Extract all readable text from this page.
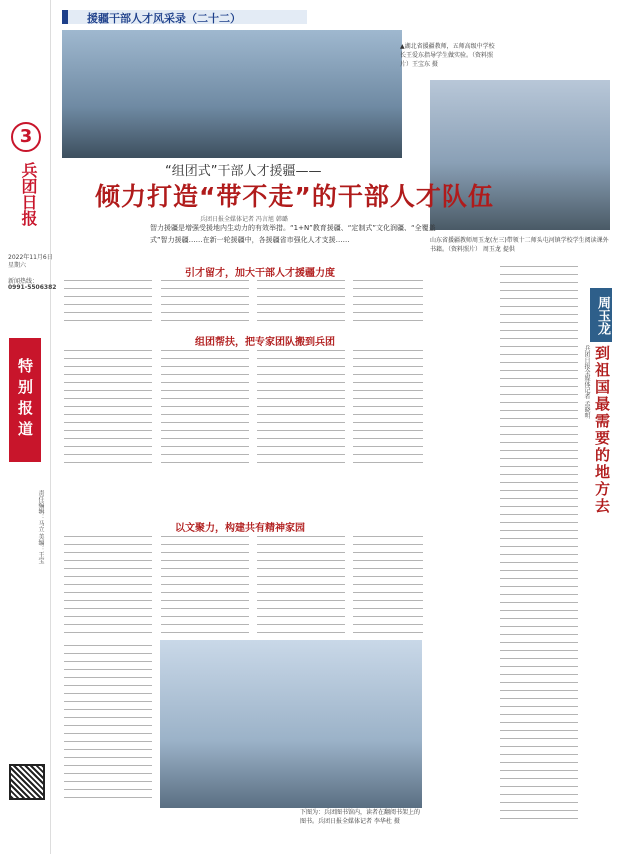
3
兵团日报
2022年11月6日
星期六
新闻热线：
0991-5506382
特别报道
责任编辑：马立 美编：王宝
援疆干部人才风采录（二十二）
▲湖北省援疆教师，五师高级中学校长王爱东指导学生做实验。（资料照片）王宝东 摄
“组团式”干部人才援疆——
倾力打造“带不走”的干部人才队伍
兵团日报全媒体记者 冯言旭 韩璐
智力援疆是增强受援地内生动力的有效举措。“1+N”教育援疆、“定制式”文化润疆、“全覆盖式”智力援疆……在新一轮援疆中，各援疆省市强化人才支援……
引才留才，加大干部人才援疆力度
组团帮扶，把专家团队搬到兵团
以文聚力，构建共有精神家园
下图为：兵团图书馆内，读者在翻阅书架上的图书。兵团日报全媒体记者 李华杜 摄
山东省援疆教师周玉龙(左三)带领十二师头屯河镇学校学生阅读课外书籍。（资料照片） 周玉龙 提供
周玉龙
到祖国最需要的地方去
兵团日报全媒体记者 孟晓明
